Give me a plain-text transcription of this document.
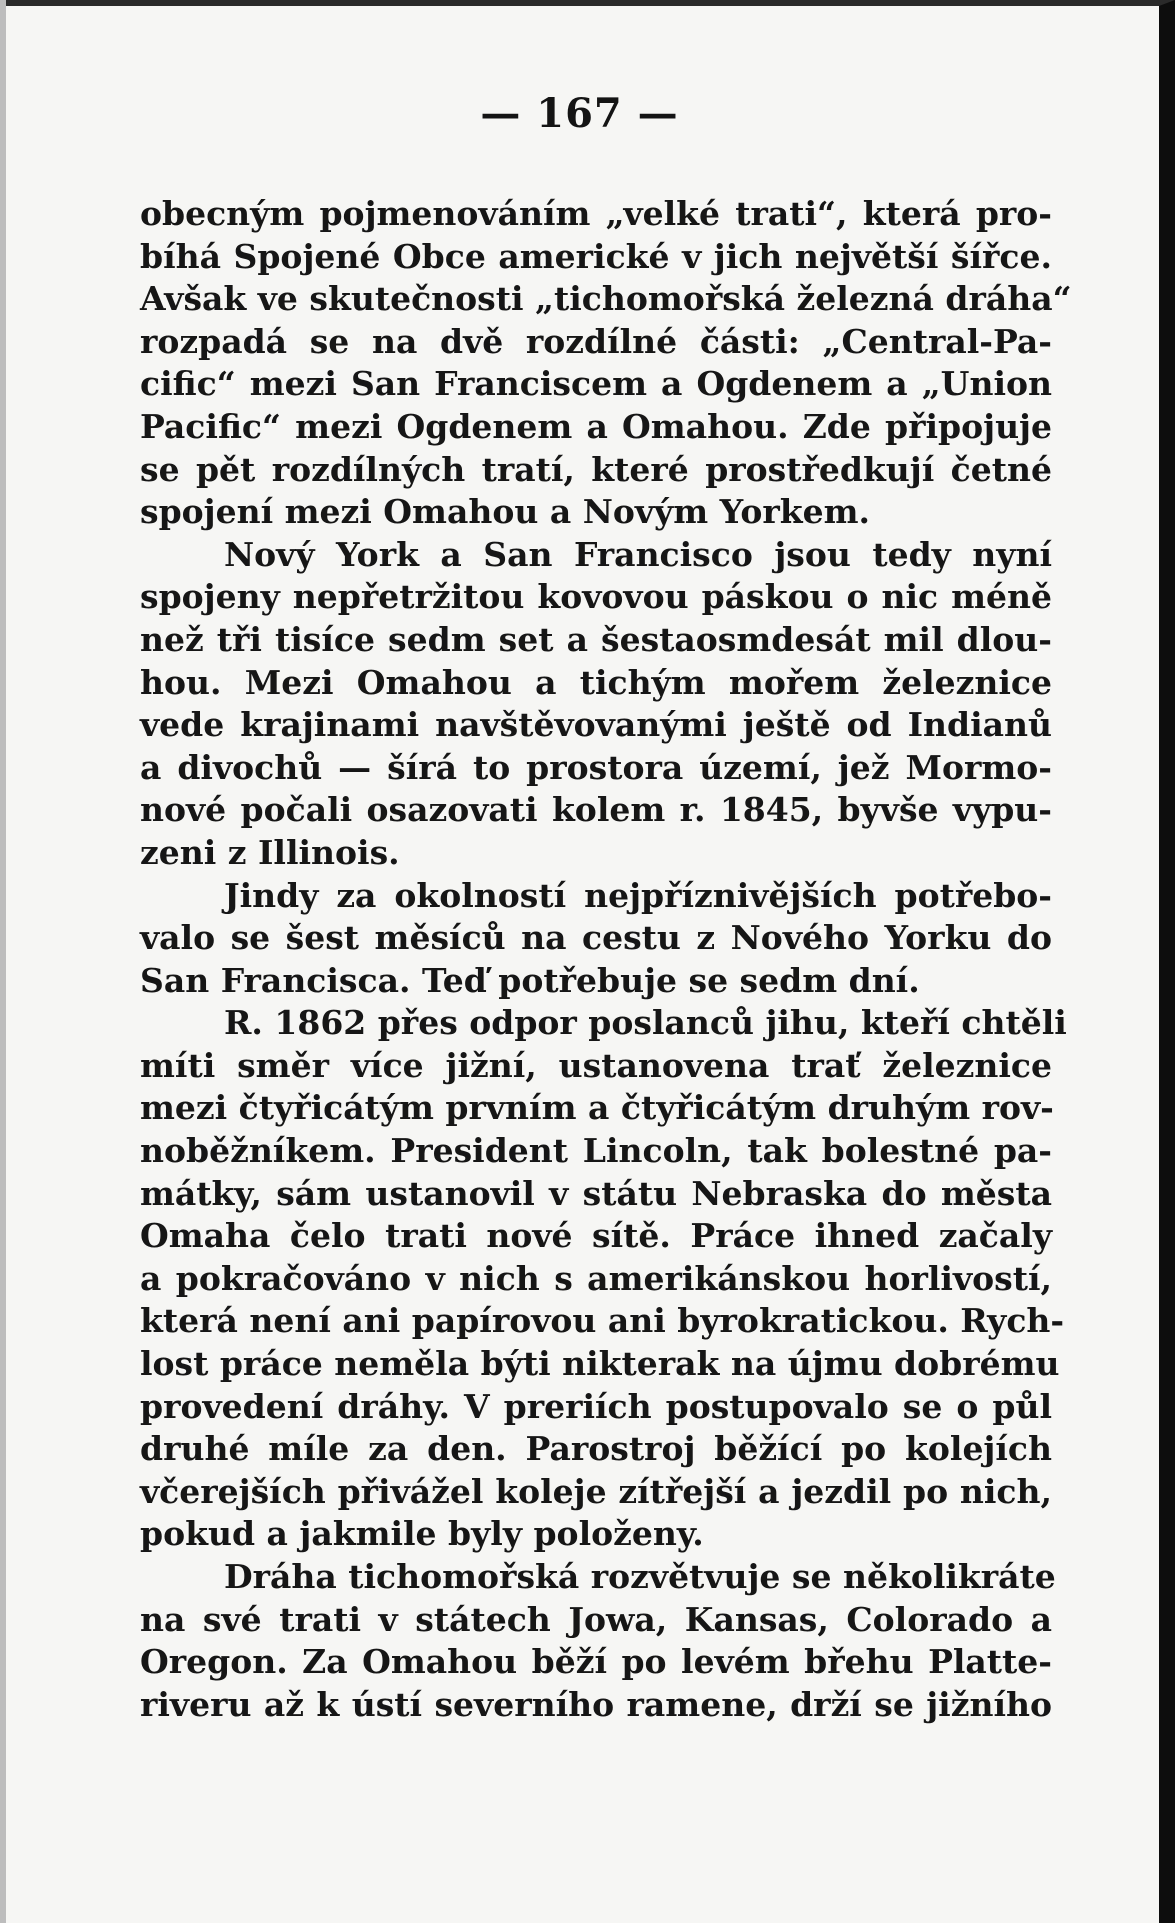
— 167 —
obecným pojmenováním „velké trati“, která pro-
bíhá Spojené Obce americké v jich největší šířce.
Avšak ve skutečnosti „tichomořská železná dráha“
rozpadá se na dvě rozdílné části: „Central-Pa-
cific“ mezi San Franciscem a Ogdenem a „Union
Pacific“ mezi Ogdenem a Omahou. Zde připojuje
se pět rozdílných tratí, které prostředkují četné
spojení mezi Omahou a Novým Yorkem.
Nový York a San Francisco jsou tedy nyní
spojeny nepřetržitou kovovou páskou o nic méně
než tři tisíce sedm set a šestaosmdesát mil dlou-
hou. Mezi Omahou a tichým mořem železnice
vede krajinami navštěvovanými ještě od Indianů
a divochů — šírá to prostora území, jež Mormo-
nové počali osazovati kolem r. 1845, byvše vypu-
zeni z Illinois.
Jindy za okolností nejpříznivějších potřebo-
valo se šest měsíců na cestu z Nového Yorku do
San Francisca. Teď potřebuje se sedm dní.
R. 1862 přes odpor poslanců jihu, kteří chtěli
míti směr více jižní, ustanovena trať železnice
mezi čtyřicátým prvním a čtyřicátým druhým rov-
noběžníkem. President Lincoln, tak bolestné pa-
mátky, sám ustanovil v státu Nebraska do města
Omaha čelo trati nové sítě. Práce ihned začaly
a pokračováno v nich s amerikánskou horlivostí,
která není ani papírovou ani byrokratickou. Rych-
lost práce neměla býti nikterak na újmu dobrému
provedení dráhy. V preriích postupovalo se o půl
druhé míle za den. Parostroj běžící po kolejích
včerejších přivážel koleje zítřejší a jezdil po nich,
pokud a jakmile byly položeny.
Dráha tichomořská rozvětvuje se několikráte
na své trati v státech Jowa, Kansas, Colorado a
Oregon. Za Omahou běží po levém břehu Platte-
riveru až k ústí severního ramene, drží se jižního
